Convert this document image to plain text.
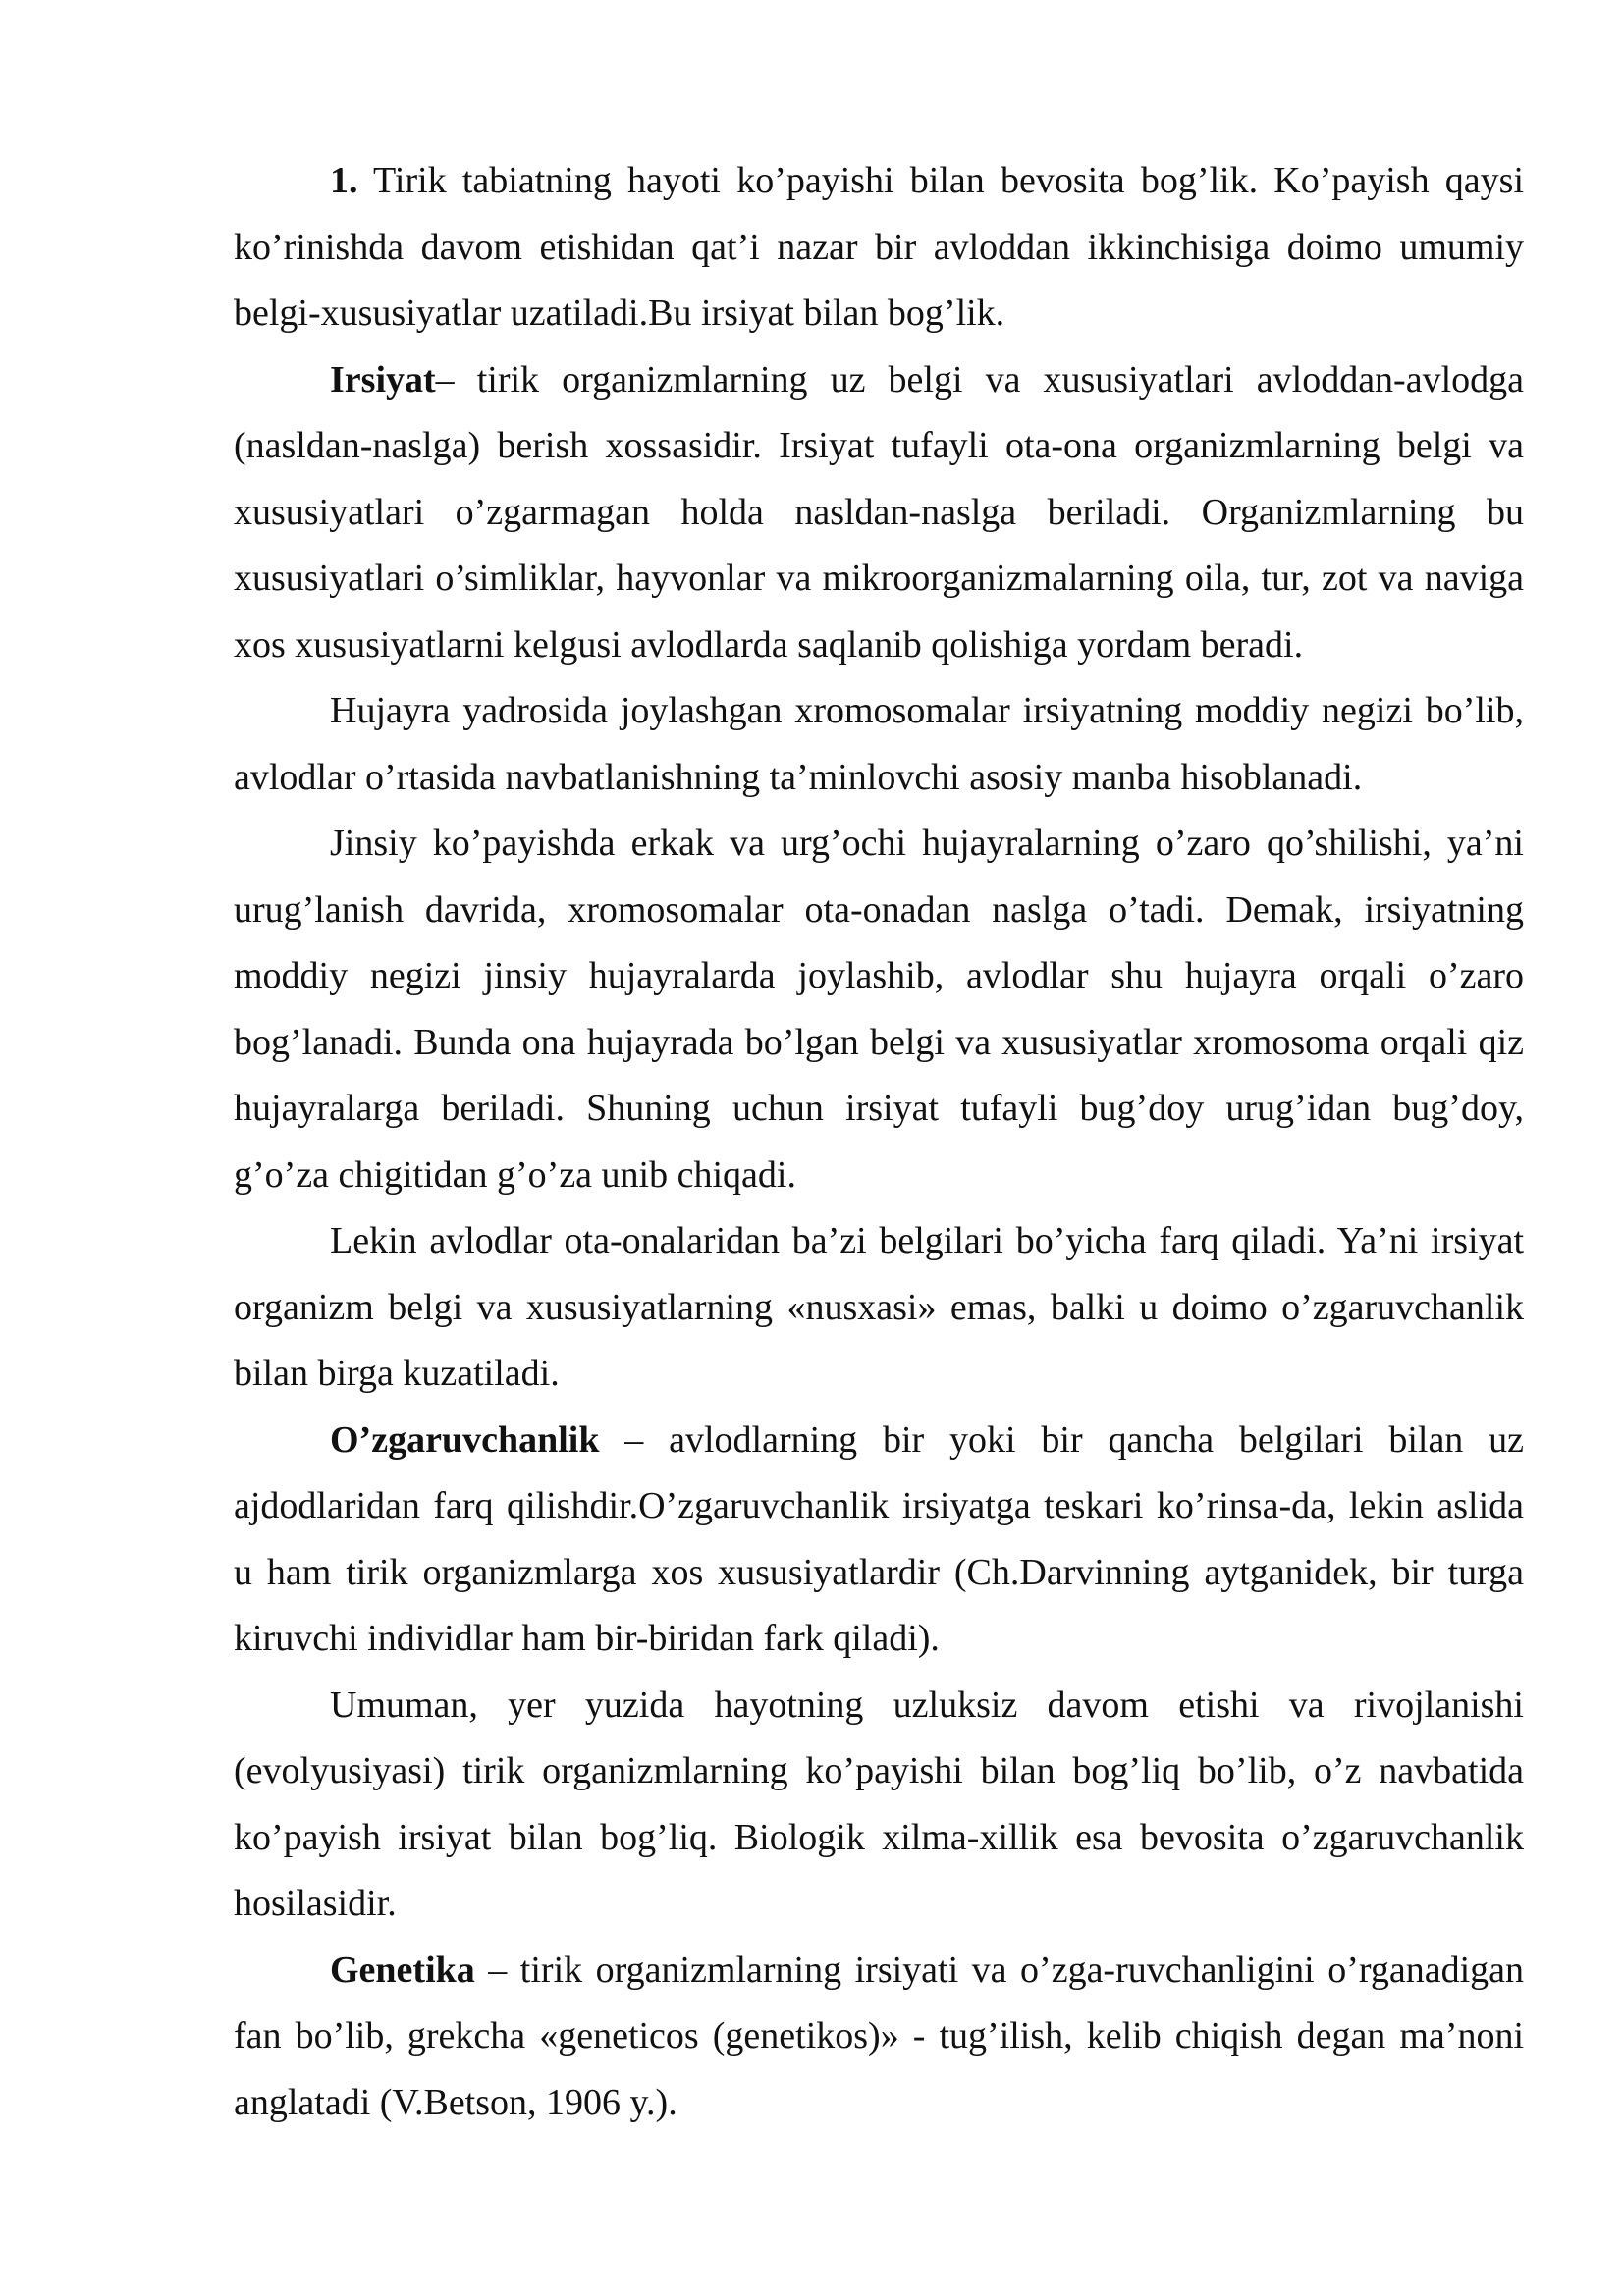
1. Tirik tabiatning hayoti ko’payishi bilan bevosita bog’lik. Ko’payish qaysi ko’rinishda davom etishidan qat’i nazar bir avloddan ikkinchisiga doimo umumiy belgi-xususiyatlar uzatiladi.Bu irsiyat bilan bog’lik.

Irsiyat– tirik organizmlarning uz belgi va xususiyatlari avloddan-avlodga (nasldan-naslga) berish xossasidir. Irsiyat tufayli ota-ona organizmlarning belgi va xususiyatlari o’zgarmagan holda nasldan-naslga beriladi. Organizmlarning bu xususiyatlari o’simliklar, hayvonlar va mikroorganizmalarning oila, tur, zot va naviga xos xususiyatlarni kelgusi avlodlarda saqlanib qolishiga yordam beradi.

Hujayra yadrosida joylashgan xromosomalar irsiyatning moddiy negizi bo’lib, avlodlar o’rtasida navbatlanishning ta’minlovchi asosiy manba hisoblanadi.

Jinsiy ko’payishda erkak va urg’ochi hujayralarning o’zaro qo’shilishi, ya’ni urug’lanish davrida, xromosomalar ota-onadan naslga o’tadi. Demak, irsiyatning moddiy negizi jinsiy hujayralarda joylashib, avlodlar shu hujayra orqali o’zaro bog’lanadi. Bunda ona hujayrada bo’lgan belgi va xususiyatlar xromosoma orqali qiz hujayralarga beriladi. Shuning uchun irsiyat tufayli bug’doy urug’idan bug’doy, g’o’za chigitidan g’o’za unib chiqadi.

Lekin avlodlar ota-onalaridan ba’zi belgilari bo’yicha farq qiladi. Ya’ni irsiyat organizm belgi va xususiyatlarning «nusxasi» emas, balki u doimo o’zgaruvchanlik bilan birga kuzatiladi.

O’zgaruvchanlik – avlodlarning bir yoki bir qancha belgilari bilan uz ajdodlaridan farq qilishdir.O’zgaruvchanlik irsiyatga teskari ko’rinsa-da, lekin aslida u ham tirik organizmlarga xos xususiyatlardir (Ch.Darvinning aytganidek, bir turga kiruvchi individlar ham bir-biridan fark qiladi).

Umuman, yer yuzida hayotning uzluksiz davom etishi va rivojlanishi (evolyusiyasi) tirik organizmlarning ko’payishi bilan bog’liq bo’lib, o’z navbatida ko’payish irsiyat bilan bog’liq. Biologik xilma-xillik esa bevosita o’zgaruvchanlik hosilasidir.

Genetika – tirik organizmlarning irsiyati va o’zga-ruvchanligini o’rganadigan fan bo’lib, grekcha «geneticos (genetikos)» - tug’ilish, kelib chiqish degan ma’noni anglatadi (V.Betson, 1906 y.).
